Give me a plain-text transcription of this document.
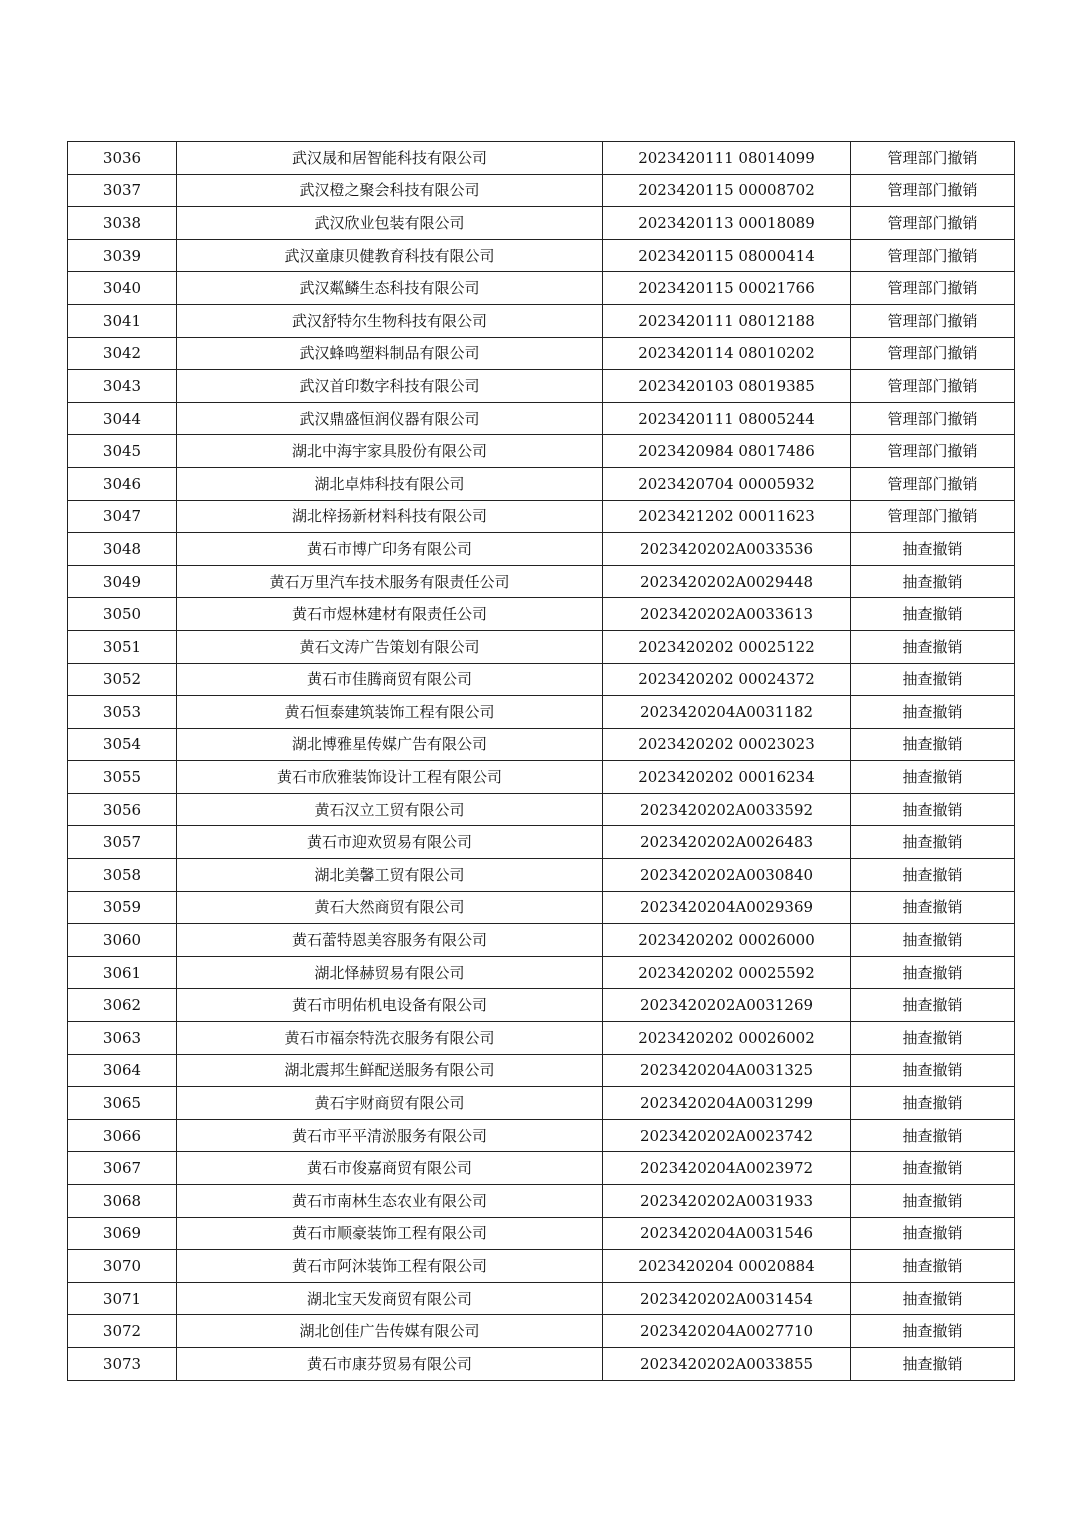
3036	武汉晟和居智能科技有限公司	2023420111 08014099	管理部门撤销
3037	武汉橙之聚会科技有限公司	2023420115 00008702	管理部门撤销
3038	武汉欣业包装有限公司	2023420113 00018089	管理部门撤销
3039	武汉童康贝健教育科技有限公司	2023420115 08000414	管理部门撤销
3040	武汉粼鳞生态科技有限公司	2023420115 00021766	管理部门撤销
3041	武汉舒特尔生物科技有限公司	2023420111 08012188	管理部门撤销
3042	武汉蜂鸣塑料制品有限公司	2023420114 08010202	管理部门撤销
3043	武汉首印数字科技有限公司	2023420103 08019385	管理部门撤销
3044	武汉鼎盛恒润仪器有限公司	2023420111 08005244	管理部门撤销
3045	湖北中海宇家具股份有限公司	2023420984 08017486	管理部门撤销
3046	湖北卓炜科技有限公司	2023420704 00005932	管理部门撤销
3047	湖北梓扬新材料科技有限公司	2023421202 00011623	管理部门撤销
3048	黄石市博广印务有限公司	2023420202A0033536	抽查撤销
3049	黄石万里汽车技术服务有限责任公司	2023420202A0029448	抽查撤销
3050	黄石市煜林建材有限责任公司	2023420202A0033613	抽查撤销
3051	黄石文涛广告策划有限公司	2023420202 00025122	抽查撤销
3052	黄石市佳腾商贸有限公司	2023420202 00024372	抽查撤销
3053	黄石恒泰建筑装饰工程有限公司	2023420204A0031182	抽查撤销
3054	湖北博雅星传媒广告有限公司	2023420202 00023023	抽查撤销
3055	黄石市欣雅装饰设计工程有限公司	2023420202 00016234	抽查撤销
3056	黄石汉立工贸有限公司	2023420202A0033592	抽查撤销
3057	黄石市迎欢贸易有限公司	2023420202A0026483	抽查撤销
3058	湖北美馨工贸有限公司	2023420202A0030840	抽查撤销
3059	黄石大然商贸有限公司	2023420204A0029369	抽查撤销
3060	黄石蕾特恩美容服务有限公司	2023420202 00026000	抽查撤销
3061	湖北怿赫贸易有限公司	2023420202 00025592	抽查撤销
3062	黄石市明佑机电设备有限公司	2023420202A0031269	抽查撤销
3063	黄石市福奈特洗衣服务有限公司	2023420202 00026002	抽查撤销
3064	湖北震邦生鲜配送服务有限公司	2023420204A0031325	抽查撤销
3065	黄石宇财商贸有限公司	2023420204A0031299	抽查撤销
3066	黄石市平平清淤服务有限公司	2023420202A0023742	抽查撤销
3067	黄石市俊嘉商贸有限公司	2023420204A0023972	抽查撤销
3068	黄石市南林生态农业有限公司	2023420202A0031933	抽查撤销
3069	黄石市顺豪装饰工程有限公司	2023420204A0031546	抽查撤销
3070	黄石市阿沐装饰工程有限公司	2023420204 00020884	抽查撤销
3071	湖北宝天发商贸有限公司	2023420202A0031454	抽查撤销
3072	湖北创佳广告传媒有限公司	2023420204A0027710	抽查撤销
3073	黄石市康芬贸易有限公司	2023420202A0033855	抽查撤销
